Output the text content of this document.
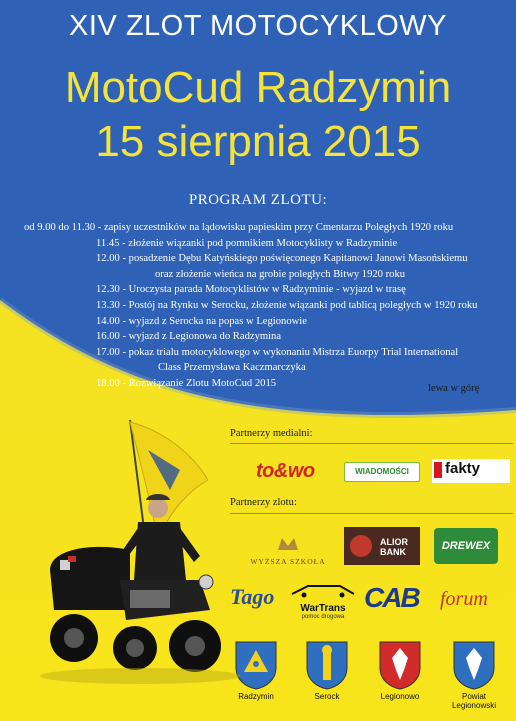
XIV ZLOT MOTOCYKLOWY
MotoCud Radzymin
15 sierpnia 2015
PROGRAM ZLOTU:
od 9.00 do 11.30 - zapisy uczestników na lądowisku papieskim przy Cmentarzu Poległych 1920 roku
11.45 - złożenie wiązanki pod pomnikiem Motocyklisty w Radzyminie
12.00 - posadzenie Dębu Katyńskiego poświęconego Kapitanowi Janowi Masońskiemu
oraz złożenie wieńca na grobie poległych Bitwy 1920 roku
12.30 - Uroczysta parada Motocyklistów w Radzyminie - wyjazd w trasę
13.30 - Postój na Rynku w Serocku, złożenie wiązanki pod tablicą poległych w 1920 roku
14.00 - wyjazd z Serocka na popas w Legionowie
16.00 - wyjazd z Legionowa do Radzymina
17.00 - pokaz trialu motocyklowego w wykonaniu Mistrza Euorpy Trial International
Class Przemysława Kaczmarczyka
18.00 - Rozwiązanie Zlotu MotoCud 2015	lewa w górę
Partnerzy medialni:
to&wo	WIADOMOŚCI	fakty
Partnerzy zlotu:
WYŻSZA SZKOŁA
ALIOR BANK	DREWEX
Tago	WarTrans
pomoc drogowa
CAB	forum
Radzymin	Serock	Legionowo	Powiat Legionowski
